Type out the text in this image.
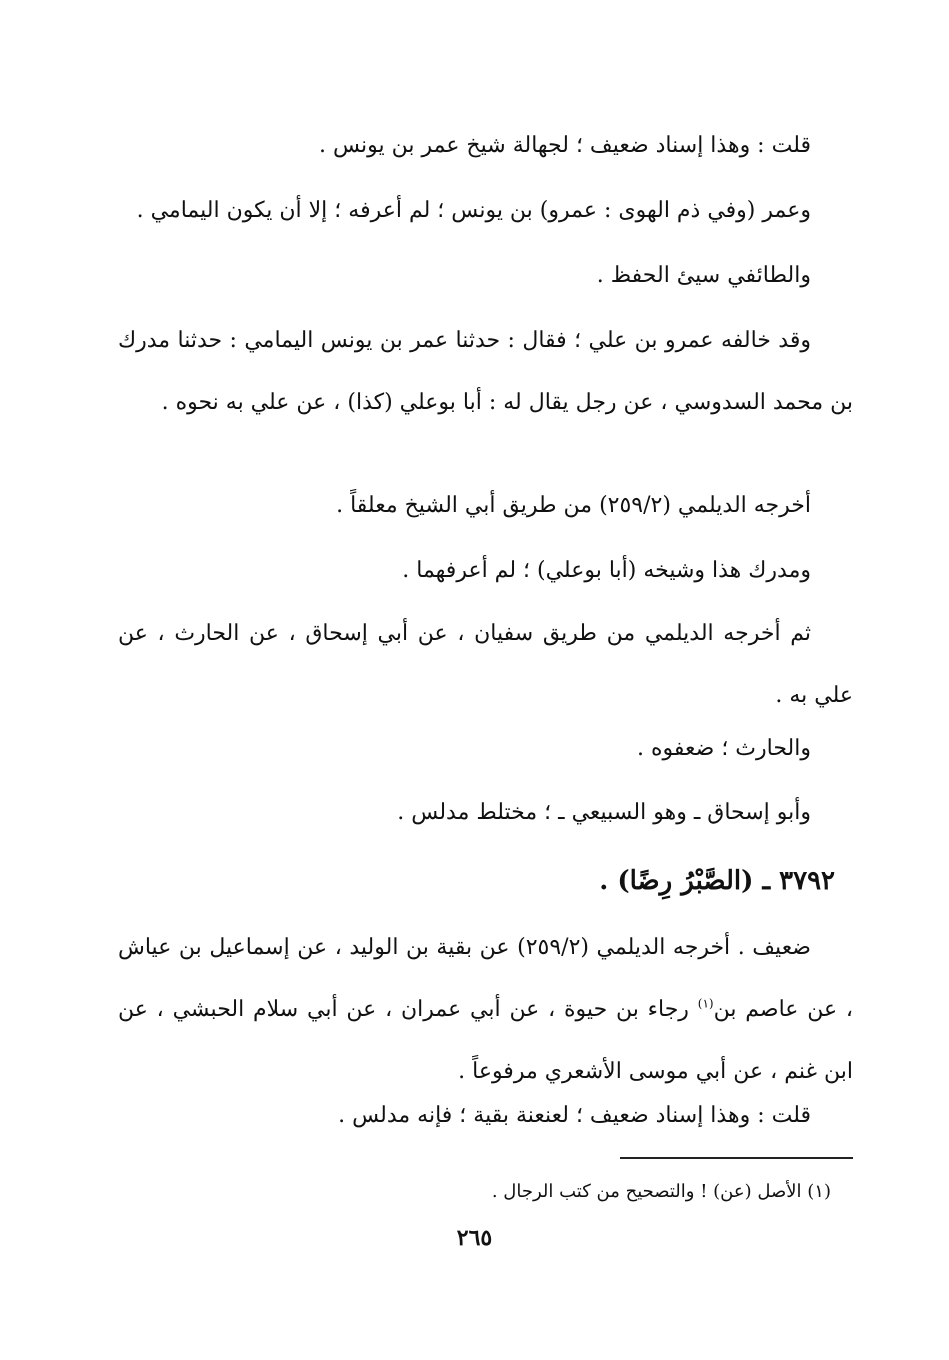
قلت : وهذا إسناد ضعيف ؛ لجهالة شيخ عمر بن يونس .
وعمر (وفي ذم الهوى : عمرو) بن يونس ؛ لم أعرفه ؛ إلا أن يكون اليمامي .
والطائفي سيئ الحفظ .
وقد خالفه عمرو بن علي ؛ فقال : حدثنا عمر بن يونس اليمامي : حدثنا مدرك بن محمد السدوسي ، عن رجل يقال له : أبا بوعلي (كذا) ، عن علي به نحوه .
أخرجه الديلمي (٢٥٩/٢) من طريق أبي الشيخ معلقاً .
ومدرك هذا وشيخه (أبا بوعلي) ؛ لم أعرفهما .
ثم أخرجه الديلمي من طريق سفيان ، عن أبي إسحاق ، عن الحارث ، عن علي به .
والحارث ؛ ضعفوه .
وأبو إسحاق ـ وهو السبيعي ـ ؛ مختلط مدلس .
٣٧٩٢ ـ (الصَّبْرُ رِضًا) .
ضعيف . أخرجه الديلمي (٢٥٩/٢) عن بقية بن الوليد ، عن إسماعيل بن عياش ، عن عاصم بن$^{(١)}$ رجاء بن حيوة ، عن أبي عمران ، عن أبي سلام الحبشي ، عن ابن غنم ، عن أبي موسى الأشعري مرفوعاً .
قلت : وهذا إسناد ضعيف ؛ لعنعنة بقية ؛ فإنه مدلس .
(١) الأصل (عن) ! والتصحيح من كتب الرجال .
٢٦٥
